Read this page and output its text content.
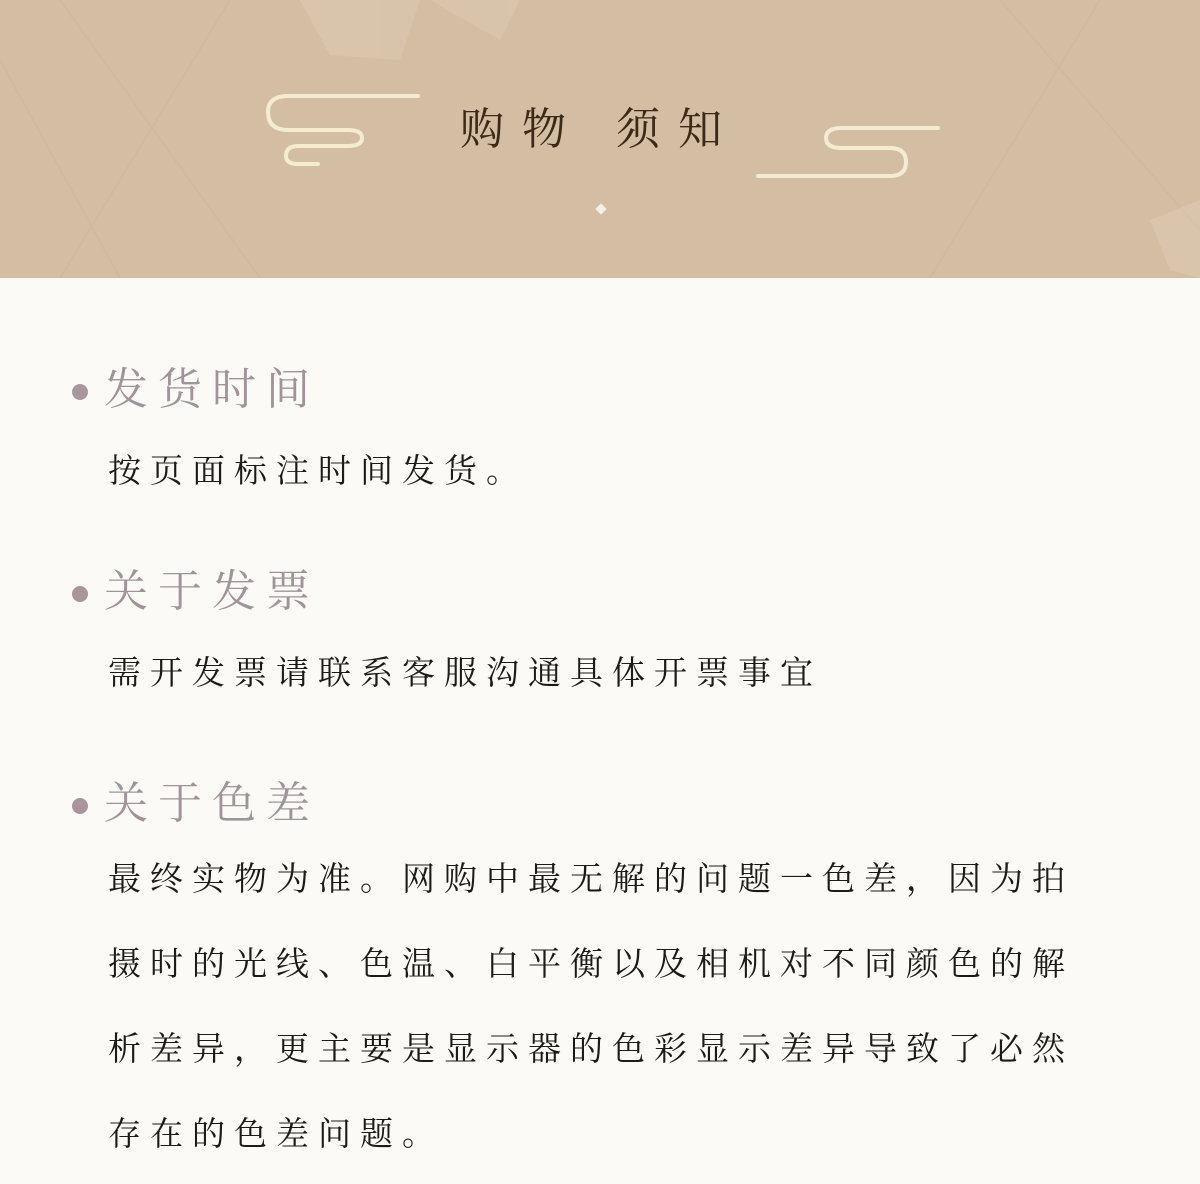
购物 须知
发货时间

按页面标注时间发货。

关于发票

需开发票请联系客服沟通具体开票事宜

关于色差

最终实物为准。网购中最无解的问题一色差，因为拍摄时的光线、色温、白平衡以及相机对不同颜色的解析差异，更主要是显示器的色彩显示差异导致了必然存在的色差问题。
